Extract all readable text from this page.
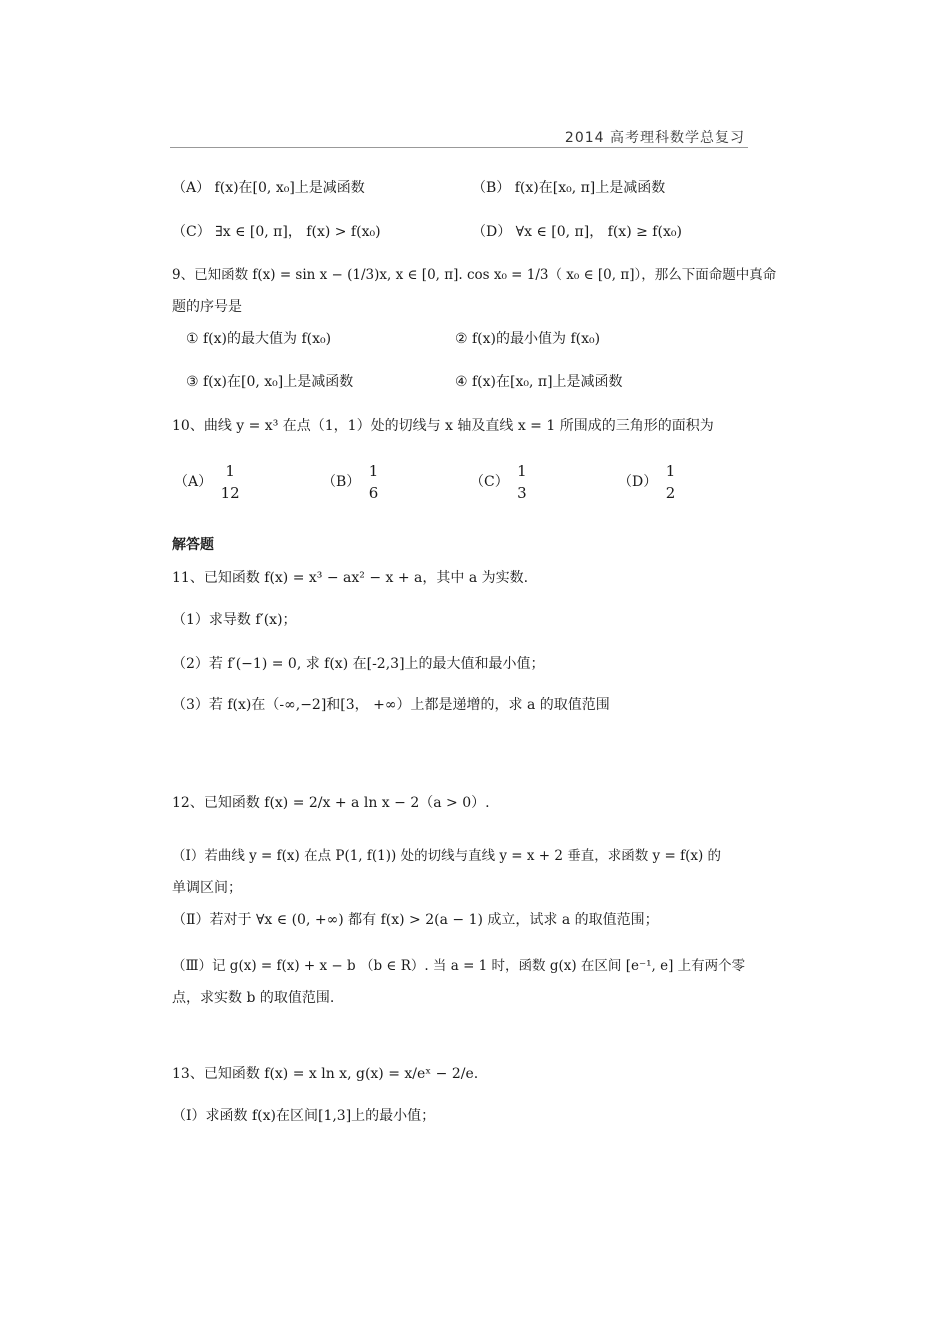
2014 高考理科数学总复习
（A） f(x)在[0, x₀]上是减函数	（B） f(x)在[x₀, π]上是减函数
（C） ∃x ∈ [0, π]， f(x) > f(x₀)	（D） ∀x ∈ [0, π]， f(x) ≥ f(x₀)
9、已知函数 f(x) = sin x − (1/3)x, x ∈ [0, π]. cos x₀ = 1/3（ x₀ ∈ [0, π]），那么下面命题中真命
题的序号是
① f(x)的最大值为 f(x₀)	② f(x)的最小值为 f(x₀)
③ f(x)在[0, x₀]上是减函数	④ f(x)在[x₀, π]上是减函数
10、曲线 y = x³ 在点（1，1）处的切线与 x 轴及直线 x = 1 所围成的三角形的面积为
（A）
1
12
（B）
1
6
（C）
1
3
（D）
1
2
解答题
11、已知函数 f(x) = x³ − ax² − x + a，其中 a 为实数.
（1）求导数 f′(x)；
（2）若 f′(−1) = 0, 求 f(x) 在[-2,3]上的最大值和最小值；
（3）若 f(x)在（-∞,−2]和[3， +∞）上都是递增的，求 a 的取值范围
12、已知函数 f(x) = 2/x + a ln x − 2（a > 0）.
（Ⅰ）若曲线 y = f(x) 在点 P(1, f(1)) 处的切线与直线 y = x + 2 垂直，求函数 y = f(x) 的
单调区间；
（Ⅱ）若对于 ∀x ∈ (0, +∞) 都有 f(x) > 2(a − 1) 成立，试求 a 的取值范围；
（Ⅲ）记 g(x) = f(x) + x − b （b ∈ R）. 当 a = 1 时，函数 g(x) 在区间 [e⁻¹, e] 上有两个零
点，求实数 b 的取值范围.
13、已知函数 f(x) = x ln x, g(x) = x/eˣ − 2/e.
（Ⅰ）求函数 f(x)在区间[1,3]上的最小值；
